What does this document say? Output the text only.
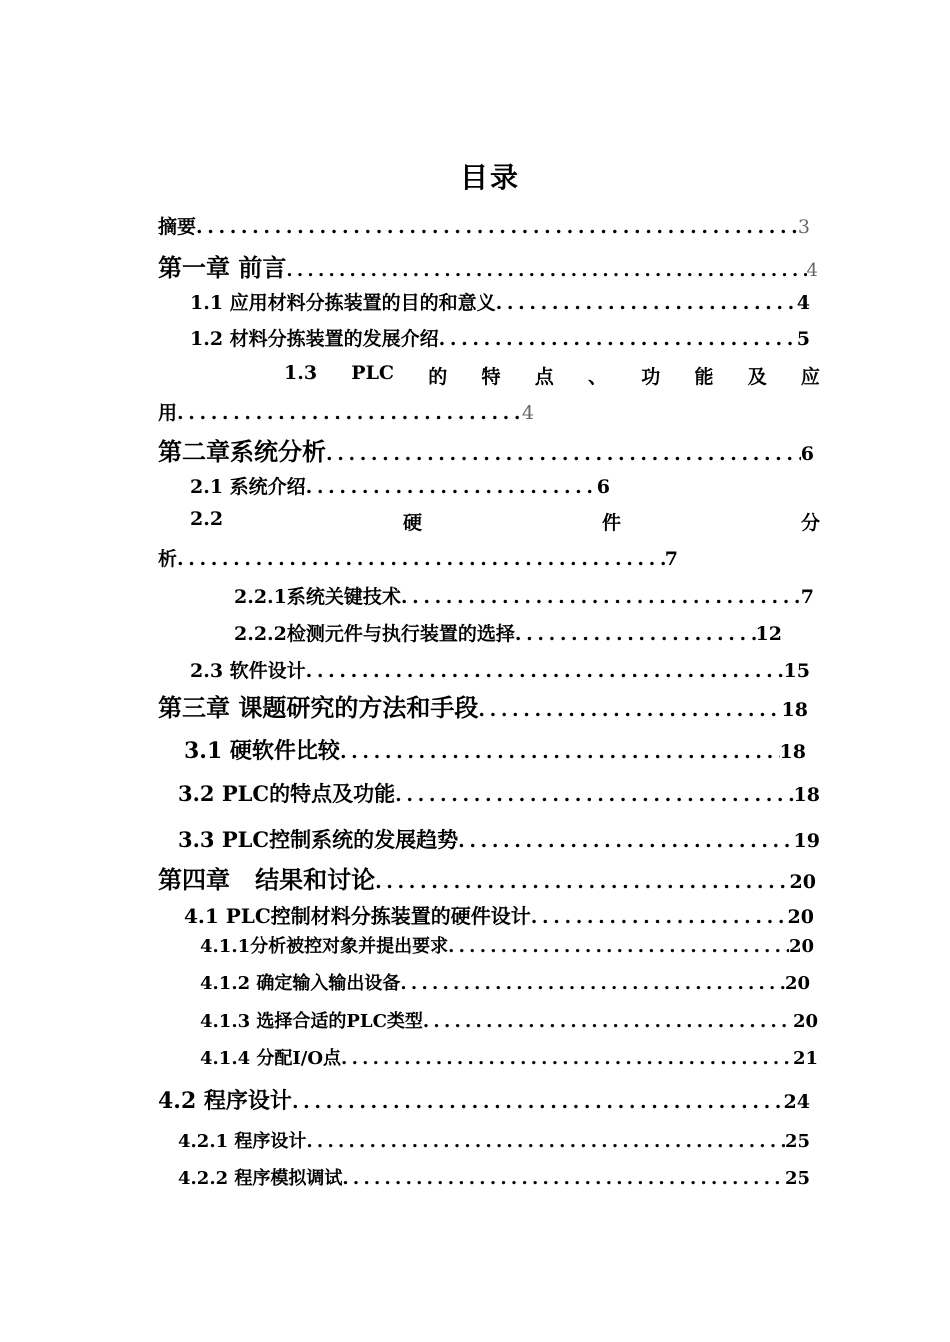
目录
摘要 . . .	3
第一章 前言 . . .	4
1.1 应用材料分拣装置的目的和意义 . . .	4
1.2 材料分拣装置的发展介绍 . . .	5
1.3 PLC 的 特 点 、 功 能 及 应
用 . . .	4
第二章系统分析 . . .	6
2.1 系统介绍 . . .	6
2.2	硬	件	分
析 . . .	7
2.2.1系统关键技术 . . .	7
2.2.2检测元件与执行装置的选择 . . .	12
2.3 软件设计 . . .	15
第三章 课题研究的方法和手段 . . .	18
3.1 硬软件比较 . . .	18
3.2 PLC的特点及功能 . . .	18
3.3 PLC控制系统的发展趋势 . . .	19
第四章   结果和讨论 . . .	20
4.1 PLC控制材料分拣装置的硬件设计 . . .	20
4.1.1分析被控对象并提出要求 . . .	20
4.1.2 确定输入输出设备 . . .	20
4.1.3 选择合适的PLC类型 . . .	20
4.1.4 分配I/O点 . . .	21
4.2 程序设计 . . .	24
4.2.1 程序设计 . . .	25
4.2.2 程序模拟调试 . . .	25
